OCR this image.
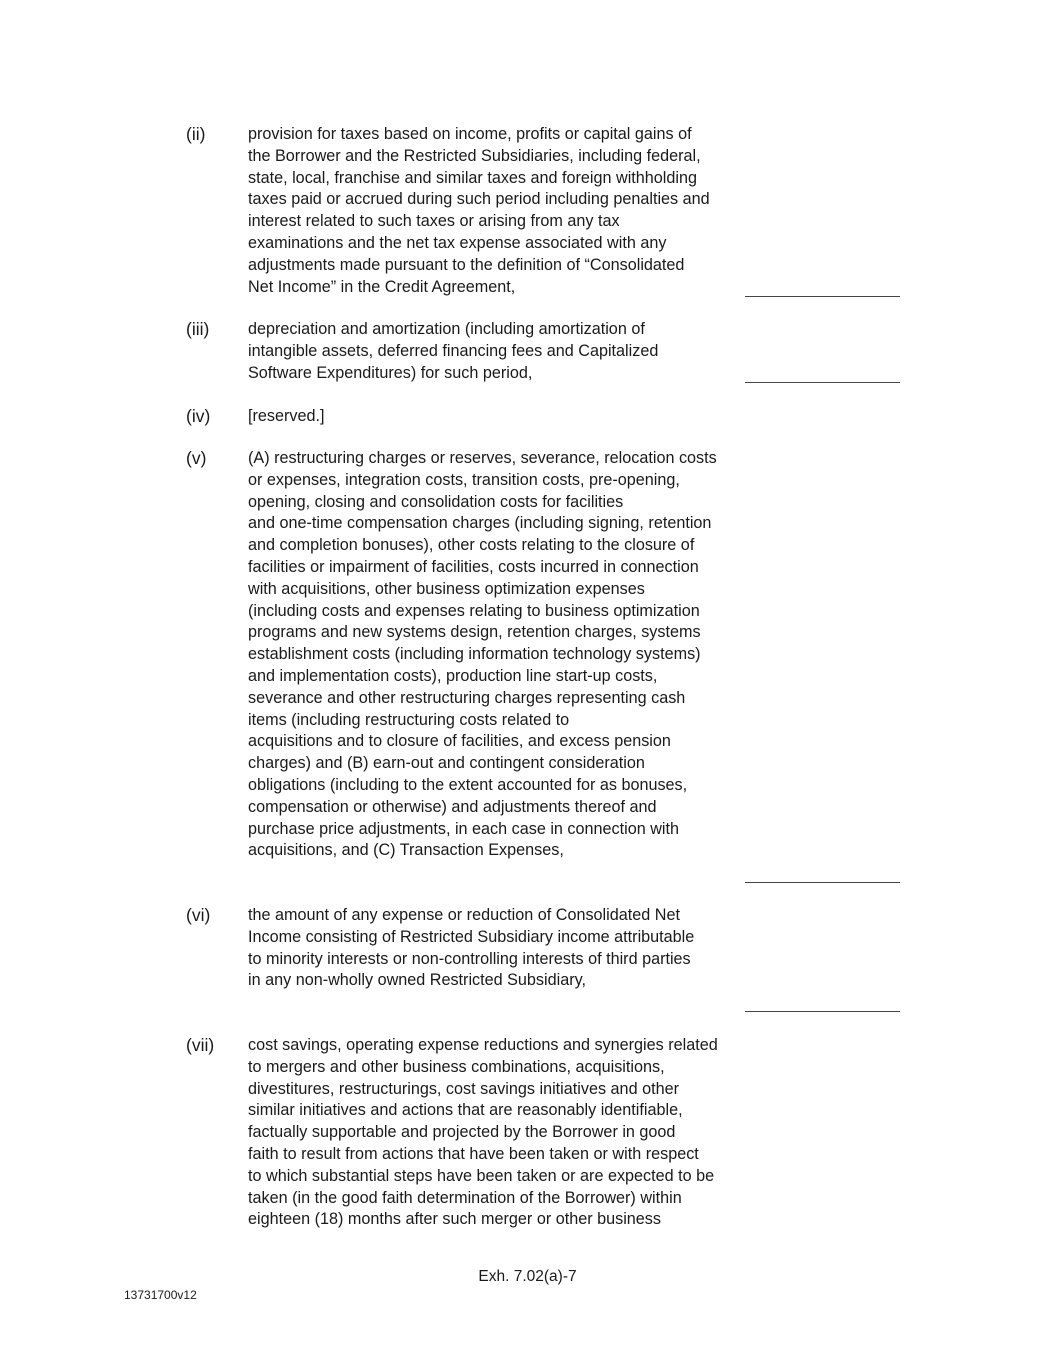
(ii)	provision for taxes based on income, profits or capital gains of
the Borrower and the Restricted Subsidiaries, including federal,
state, local, franchise and similar taxes and foreign withholding
taxes paid or accrued during such period including penalties and
interest related to such taxes or arising from any tax
examinations and the net tax expense associated with any
adjustments made pursuant to the definition of “Consolidated
Net Income” in the Credit Agreement,
(iii) depreciation and amortization (including amortization of
intangible assets, deferred financing fees and Capitalized
Software Expenditures) for such period,
(iv) [reserved.]
(v)	(A) restructuring charges or reserves, severance, relocation costs
or expenses, integration costs, transition costs, pre-opening,
opening, closing and consolidation costs for facilities
and one-time compensation charges (including signing, retention
and completion bonuses), other costs relating to the closure of
facilities or impairment of facilities, costs incurred in connection
with acquisitions, other business optimization expenses
(including costs and expenses relating to business optimization
programs and new systems design, retention charges, systems
establishment costs (including information technology systems)
and implementation costs), production line start-up costs,
severance and other restructuring charges representing cash
items (including restructuring costs related to
acquisitions and to closure of facilities, and excess pension
charges) and (B) earn-out and contingent consideration
obligations (including to the extent accounted for as bonuses,
compensation or otherwise) and adjustments thereof and
purchase price adjustments, in each case in connection with
acquisitions, and (C) Transaction Expenses,
(vi) the amount of any expense or reduction of Consolidated Net
Income consisting of Restricted Subsidiary income attributable
to minority interests or non-controlling interests of third parties
in any non-wholly owned Restricted Subsidiary,
(vii) cost savings, operating expense reductions and synergies related
to mergers and other business combinations, acquisitions,
divestitures, restructurings, cost savings initiatives and other
similar initiatives and actions that are reasonably identifiable,
factually supportable and projected by the Borrower in good
faith to result from actions that have been taken or with respect
to which substantial steps have been taken or are expected to be
taken (in the good faith determination of the Borrower) within
eighteen (18) months after such merger or other business
Exh. 7.02(a)-7
13731700v12
